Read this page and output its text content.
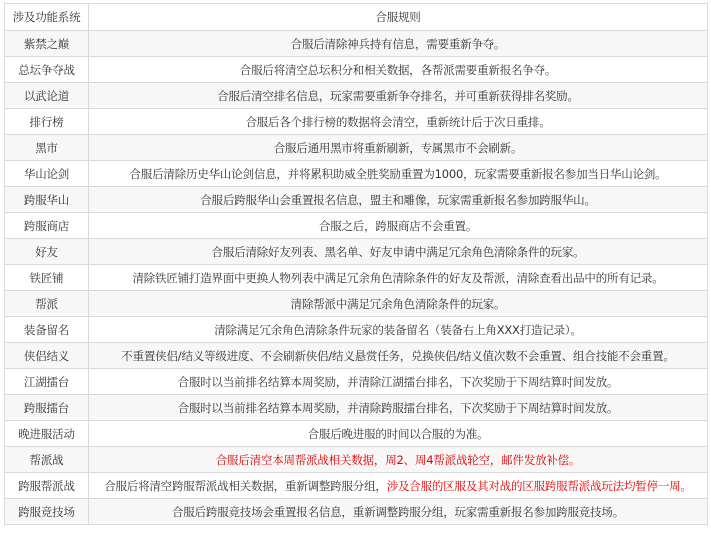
涉及功能系统	合服规则
紫禁之巅	合服后清除神兵持有信息，需要重新争夺。
总坛争夺战	合服后将清空总坛积分和相关数据，各帮派需要重新报名争夺。
以武论道	合服后清空排名信息，玩家需要重新争夺排名，并可重新获得排名奖励。
排行榜	合服后各个排行榜的数据将会清空，重新统计后于次日重排。
黑市	合服后通用黑市将重新刷新，专属黑市不会刷新。
华山论剑	合服后清除历史华山论剑信息，并将累积助威全胜奖励重置为1000，玩家需要重新报名参加当日华山论剑。
跨服华山	合服后跨服华山会重置报名信息，盟主和雕像，玩家需重新报名参加跨服华山。
跨服商店	合服之后，跨服商店不会重置。
好友	合服后清除好友列表、黑名单、好友申请中满足冗余角色清除条件的玩家。
铁匠铺	清除铁匠铺打造界面中更换人物列表中满足冗余角色清除条件的好友及帮派，清除查看出品中的所有记录。
帮派	清除帮派中满足冗余角色清除条件的玩家。
装备留名	清除满足冗余角色清除条件玩家的装备留名（装备右上角XXX打造记录）。
侠侣结义	不重置侠侣/结义等级进度、不会刷新侠侣/结义悬赏任务，兑换侠侣/结义值次数不会重置、组合技能不会重置。
江湖擂台	合服时以当前排名结算本周奖励，并清除江湖擂台排名，下次奖励于下周结算时间发放。
跨服擂台	合服时以当前排名结算本周奖励，并清除跨服擂台排名，下次奖励于下周结算时间发放。
晚进服活动	合服后晚进服的时间以合服的为准。
帮派战	合服后清空本周帮派战相关数据，周2、周4帮派战轮空，邮件发放补偿。
跨服帮派战	合服后将清空跨服帮派战相关数据，重新调整跨服分组，涉及合服的区服及其对战的区服跨服帮派战玩法均暂停一周。
跨服竞技场	合服后跨服竞技场会重置报名信息，重新调整跨服分组，玩家需重新报名参加跨服竞技场。
